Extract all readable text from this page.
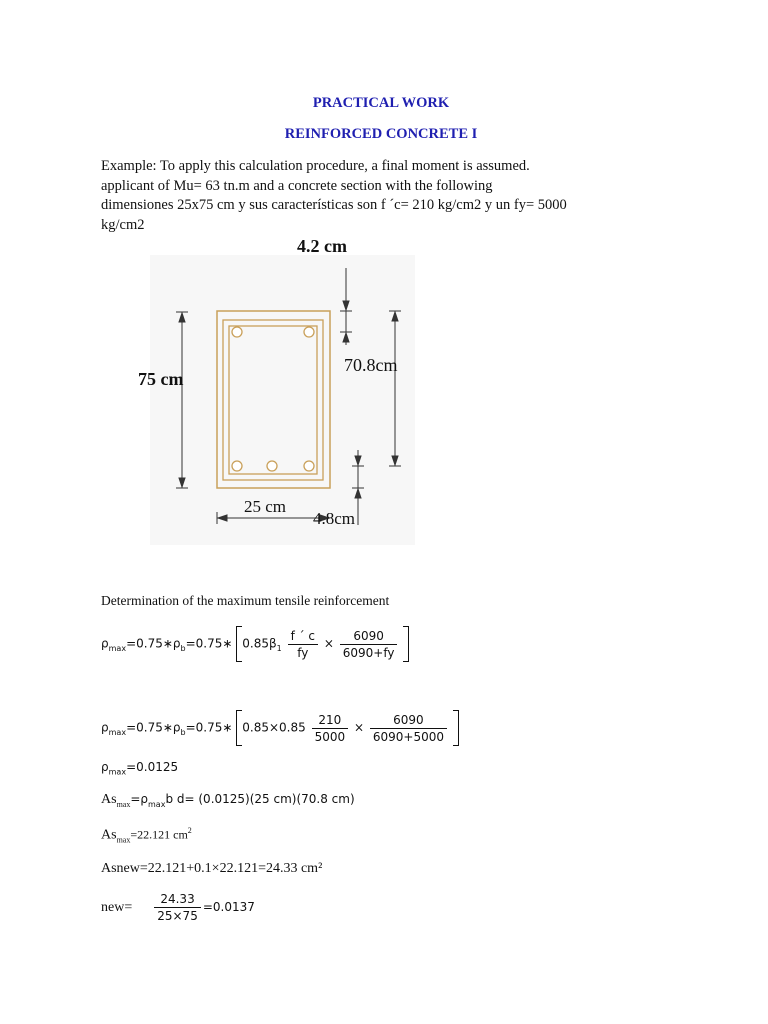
PRACTICAL WORK
REINFORCED CONCRETE I
Example: To apply this calculation procedure, a final moment is assumed.
applicant of Mu= 63 tn.m and a concrete section with the following
dimensiones 25x75 cm y sus características son f ´c= 210 kg/cm2 y un fy= 5000
kg/cm2
4.2 cm
75 cm
70.8cm
25 cm
4.8cm
Determination of the maximum tensile reinforcement
$\rho_{max}=0.75∗\rho_b=0.75∗$ $0.85\beta_1 \frac{f ´ c}{fy} \times \frac{6090}{6090+fy}$

$\rho_{max}=0.75∗\rho_b=0.75∗$ $0.85\times 0.85 \frac{210}{5000} \times \frac{6090}{6090+5000}$

$\rho_{max}=0.0125$
$As_{max}=\rho_{max}b$ d= (0.0125)(25 cm)(70.8 cm)
$As_{max}=22.121$ $cm^2$
Asnew=22.121+0.1×22.121=24.33 cm²
$new= \frac{24.33}{25\times 75} =0.0137$
